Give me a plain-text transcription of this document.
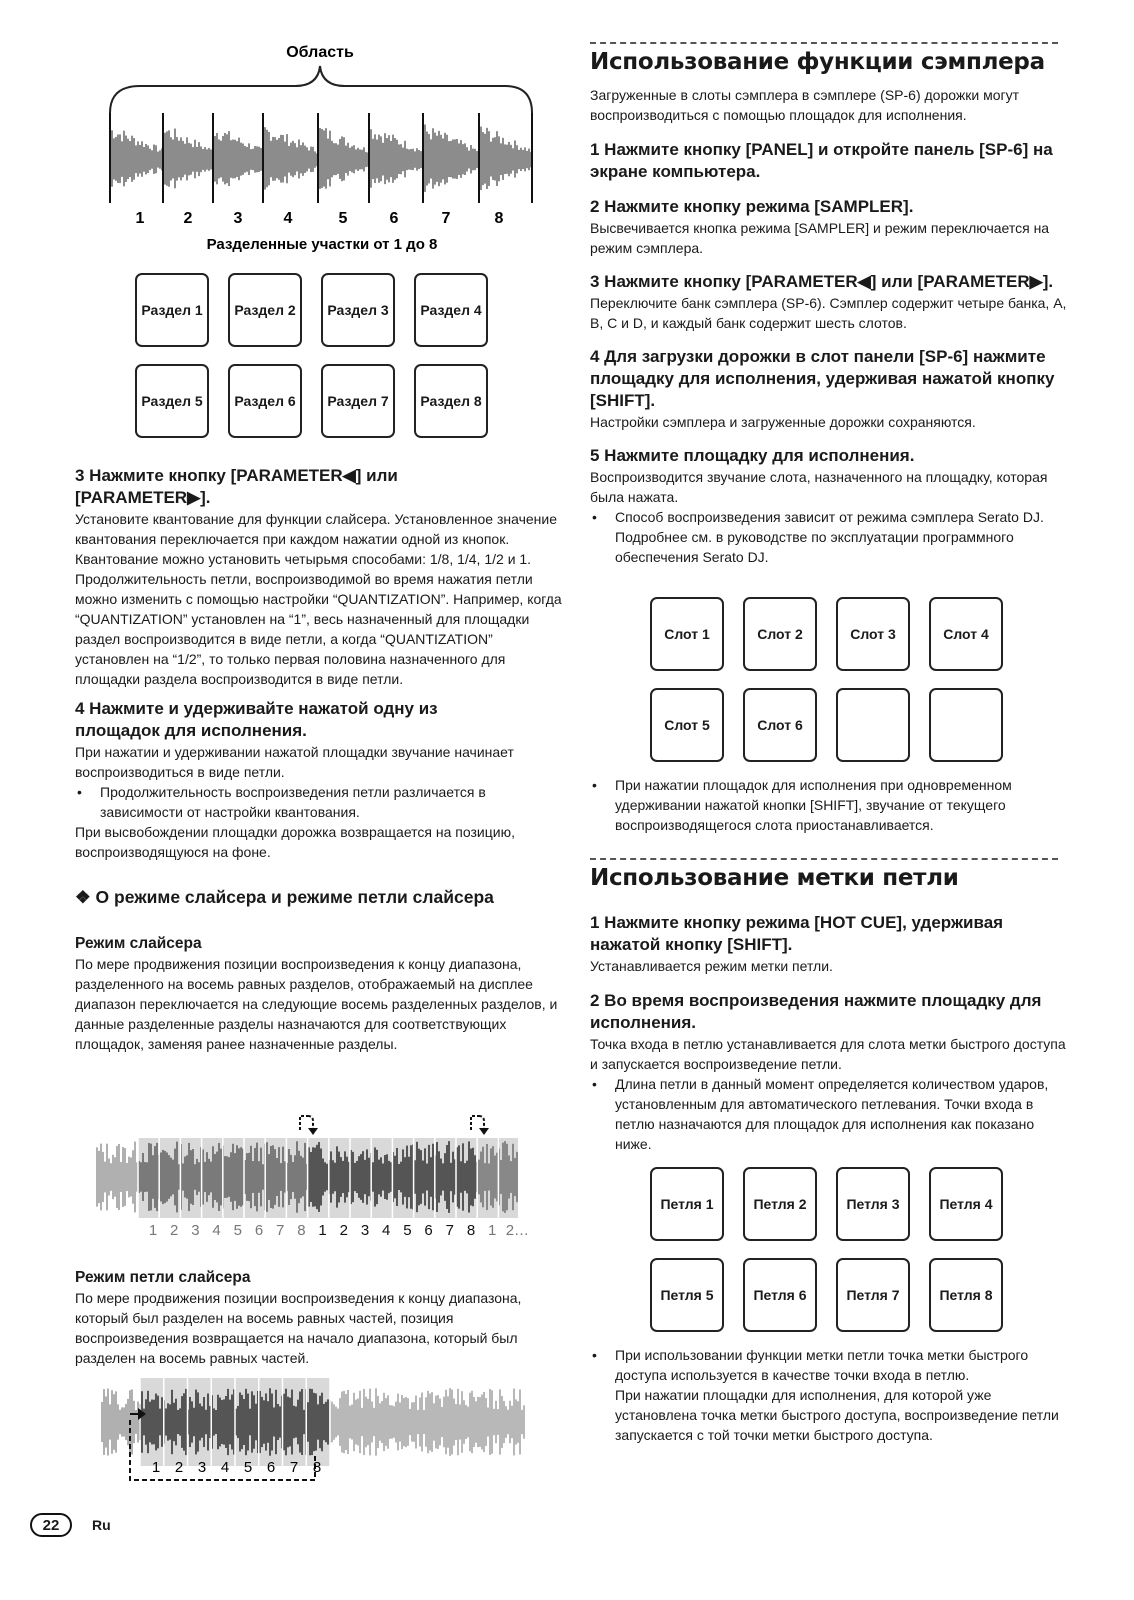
Область
1 2	3	4	5	6	7	8
Разделенные участки от 1 до 8
Раздел 1	Раздел 2	Раздел 3	Раздел 4
Раздел 5	Раздел 6	Раздел 7	Раздел 8

3 Нажмите кнопку [PARAMETER◀] или

[PARAMETER▶].

Установите квантование для функции слайсера. Установленное значение квантования переключается при каждом нажатии одной из кнопок.

Квантование можно установить четырьмя способами: 1/8, 1/4, 1/2 и 1.

Продолжительность петли, воспроизводимой во время нажатия петли можно изменить с помощью настройки “QUANTIZATION”. Например, когда “QUANTIZATION” установлен на “1”, весь назначенный для площадки раздел воспроизводится в виде петли, а когда “QUANTIZATION” установлен на “1/2”, то только первая половина назначенного для площадки раздела воспроизводится в виде петли.

4 Нажмите и удерживайте нажатой одну из

площадок для исполнения.

При нажатии и удерживании нажатой площадки звучание начинает воспроизводиться в виде петли.

• Продолжительность воспроизведения петли различается в зависимости от настройки квантования.

При высвобождении площадки дорожка возвращается на позицию, воспроизводящуюся на фоне.

❖ О режиме слайсера и режиме петли слайсера

Режим слайсера

По мере продвижения позиции воспроизведения к концу диапазона, разделенного на восемь равных разделов, отображаемый на дисплее диапазон переключается на следующие восемь разделенных разделов, и данные разделенные разделы назначаются для соответствующих площадок, заменяя ранее назначенные разделы.

1 2 3 4 5 6 7 8 1 2 3 4 5 6 7 8 1 2…

Режим петли слайсера

По мере продвижения позиции воспроизведения к концу диапазона, который был разделен на восемь равных частей, позиция воспроизведения возвращается на начало диапазона, который был разделен на восемь равных частей.

1 2 3 4 5 6 7 8

Использование функции сэмплера

Загруженные в слоты сэмплера в сэмплере (SP-6) дорожки могут воспроизводиться с помощью площадок для исполнения.

1 Нажмите кнопку [PANEL] и откройте панель [SP-6] на экране компьютера.

2 Нажмите кнопку режима [SAMPLER].

Высвечивается кнопка режима [SAMPLER] и режим переключается на режим сэмплера.

3 Нажмите кнопку [PARAMETER◀] или [PARAMETER▶].

Переключите банк сэмплера (SP-6). Сэмплер содержит четыре банка, A, B, C и D, и каждый банк содержит шесть слотов.

4 Для загрузки дорожки в слот панели [SP-6] нажмите площадку для исполнения, удерживая нажатой кнопку [SHIFT].

Настройки сэмплера и загруженные дорожки сохраняются.

5 Нажмите площадку для исполнения.

Воспроизводится звучание слота, назначенного на площадку, которая была нажата.

• Способ воспроизведения зависит от режима сэмплера Serato DJ. Подробнее см. в руководстве по эксплуатации программного обеспечения Serato DJ.

Слот 1	Слот 2	Слот 3	Слот 4
Слот 5	Слот 6

• При нажатии площадок для исполнения при одновременном удерживании нажатой кнопки [SHIFT], звучание от текущего воспроизводящегося слота приостанавливается.

Использование метки петли

1 Нажмите кнопку режима [HOT CUE], удерживая нажатой кнопку [SHIFT].

Устанавливается режим метки петли.

2 Во время воспроизведения нажмите площадку для исполнения.

Точка входа в петлю устанавливается для слота метки быстрого доступа и запускается воспроизведение петли.

• Длина петли в данный момент определяется количеством ударов, установленным для автоматического петлевания. Точки входа в петлю назначаются для площадок для исполнения как показано ниже.

Петля 1	Петля 2	Петля 3	Петля 4
Петля 5	Петля 6	Петля 7	Петля 8

• При использовании функции метки петли точка метки быстрого доступа используется в качестве точки входа в петлю.

При нажатии площадки для исполнения, для которой уже установлена точка метки быстрого доступа, воспроизведение петли запускается с той точки метки быстрого доступа.

22	Ru
